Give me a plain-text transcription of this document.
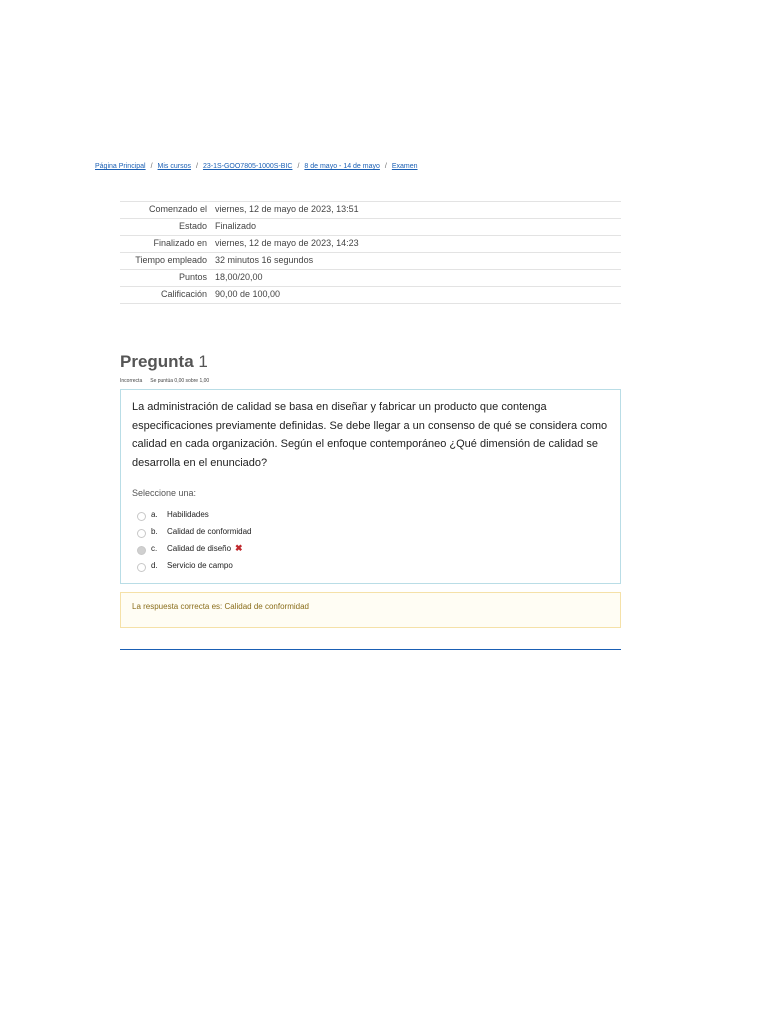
Página Principal / Mis cursos / 23-1S-GOO7805-1000S-BIC / 8 de mayo - 14 de mayo / Examen
Comenzado el	viernes, 12 de mayo de 2023, 13:51
Estado	Finalizado
Finalizado en	viernes, 12 de mayo de 2023, 14:23
Tiempo empleado	32 minutos 16 segundos
Puntos	18,00/20,00
Calificación	90,00 de 100,00
Pregunta 1
Incorrecta Se puntúa 0,00 sobre 1,00
La administración de calidad se basa en diseñar y fabricar un producto que contenga especificaciones previamente definidas. Se debe llegar a un consenso de qué se considera como calidad en cada organización. Según el enfoque contemporáneo ¿Qué dimensión de calidad se desarrolla en el enunciado?
Seleccione una:
a.	Habilidades
b.	Calidad de conformidad
c.	Calidad de diseño ✖
d.	Servicio de campo
La respuesta correcta es: Calidad de conformidad
